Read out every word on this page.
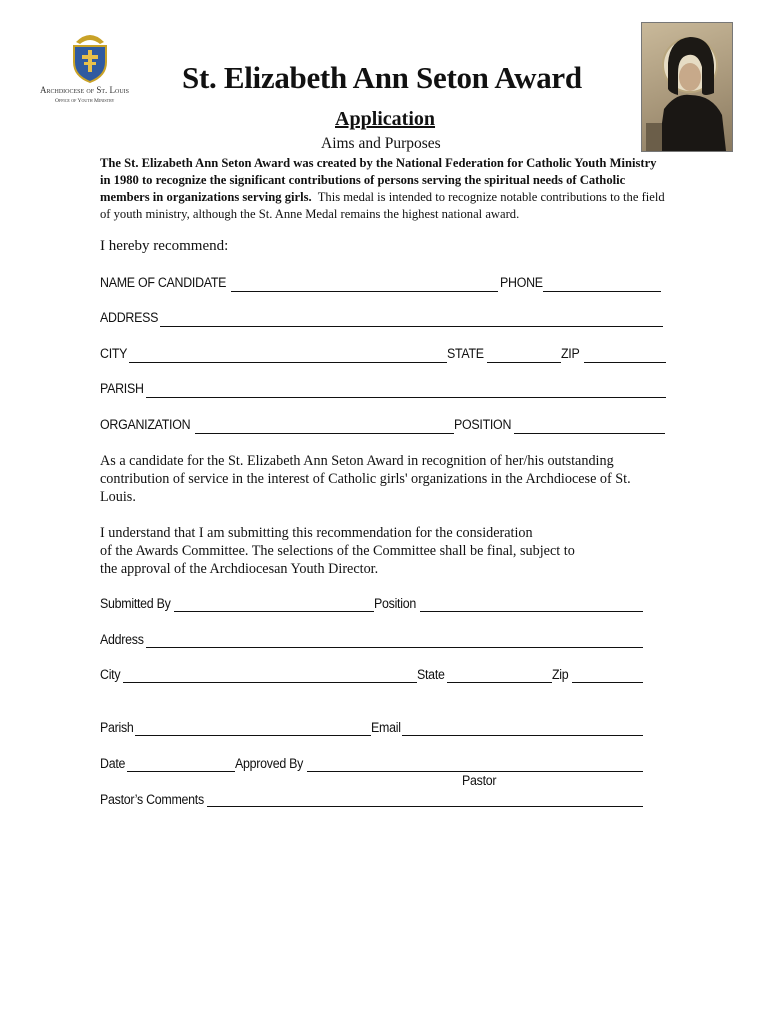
Archdiocese of St. Louis
Office of Youth Ministry
St. Elizabeth Ann Seton Award
Application
Aims and Purposes
The St. Elizabeth Ann Seton Award was created by the National Federation for Catholic Youth Ministry in 1980 to recognize the significant contributions of persons serving the spiritual needs of Catholic members in organizations serving girls. This medal is intended to recognize notable contributions to the field of youth ministry, although the St. Anne Medal remains the highest national award.
I hereby recommend:
NAME OF CANDIDATE	PHONE
ADDRESS
CITY	STATE	ZIP
PARISH
ORGANIZATION	POSITION
As a candidate for the St. Elizabeth Ann Seton Award in recognition of her/his outstanding contribution of service in the interest of Catholic girls' organizations in the Archdiocese of St. Louis.
I understand that I am submitting this recommendation for the consideration
of the Awards Committee. The selections of the Committee shall be final, subject to
the approval of the Archdiocesan Youth Director.
Submitted By	Position
Address
City	State	Zip
Parish	Email
Date	Approved By
Pastor
Pastor’s Comments
